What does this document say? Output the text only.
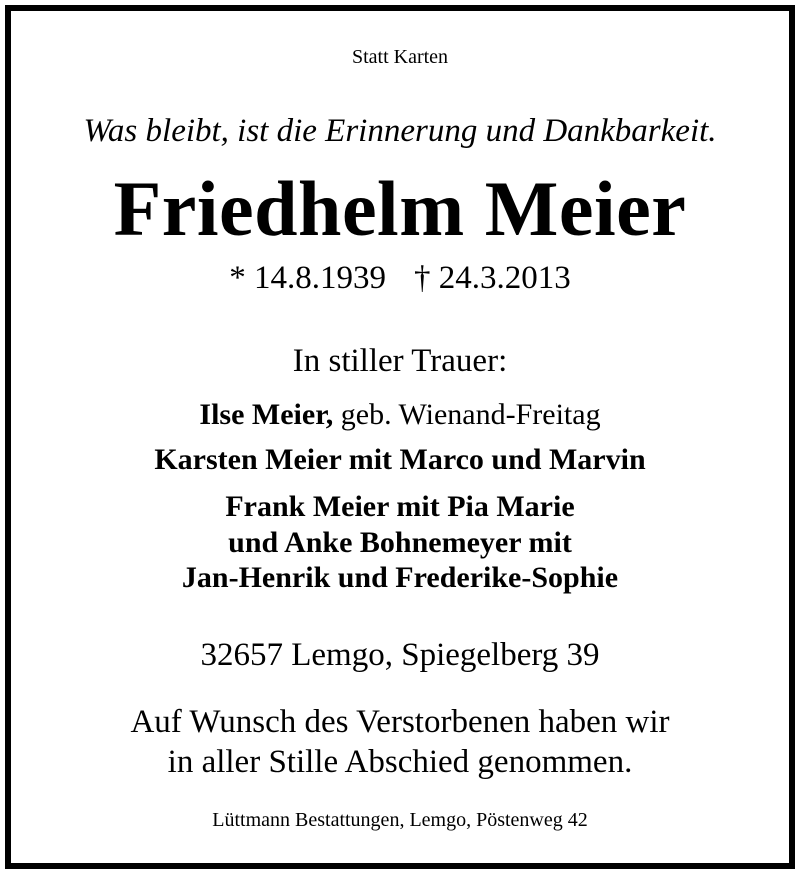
Statt Karten
Was bleibt, ist die Erinnerung und Dankbarkeit.
Friedhelm Meier
* 14.8.1939 † 24.3.2013
In stiller Trauer:
Ilse Meier, geb. Wienand-Freitag
Karsten Meier mit Marco und Marvin
Frank Meier mit Pia Marie
und Anke Bohnemeyer mit
Jan-Henrik und Frederike-Sophie
32657 Lemgo, Spiegelberg 39
Auf Wunsch des Verstorbenen haben wir
in aller Stille Abschied genommen.
Lüttmann Bestattungen, Lemgo, Pöstenweg 42
